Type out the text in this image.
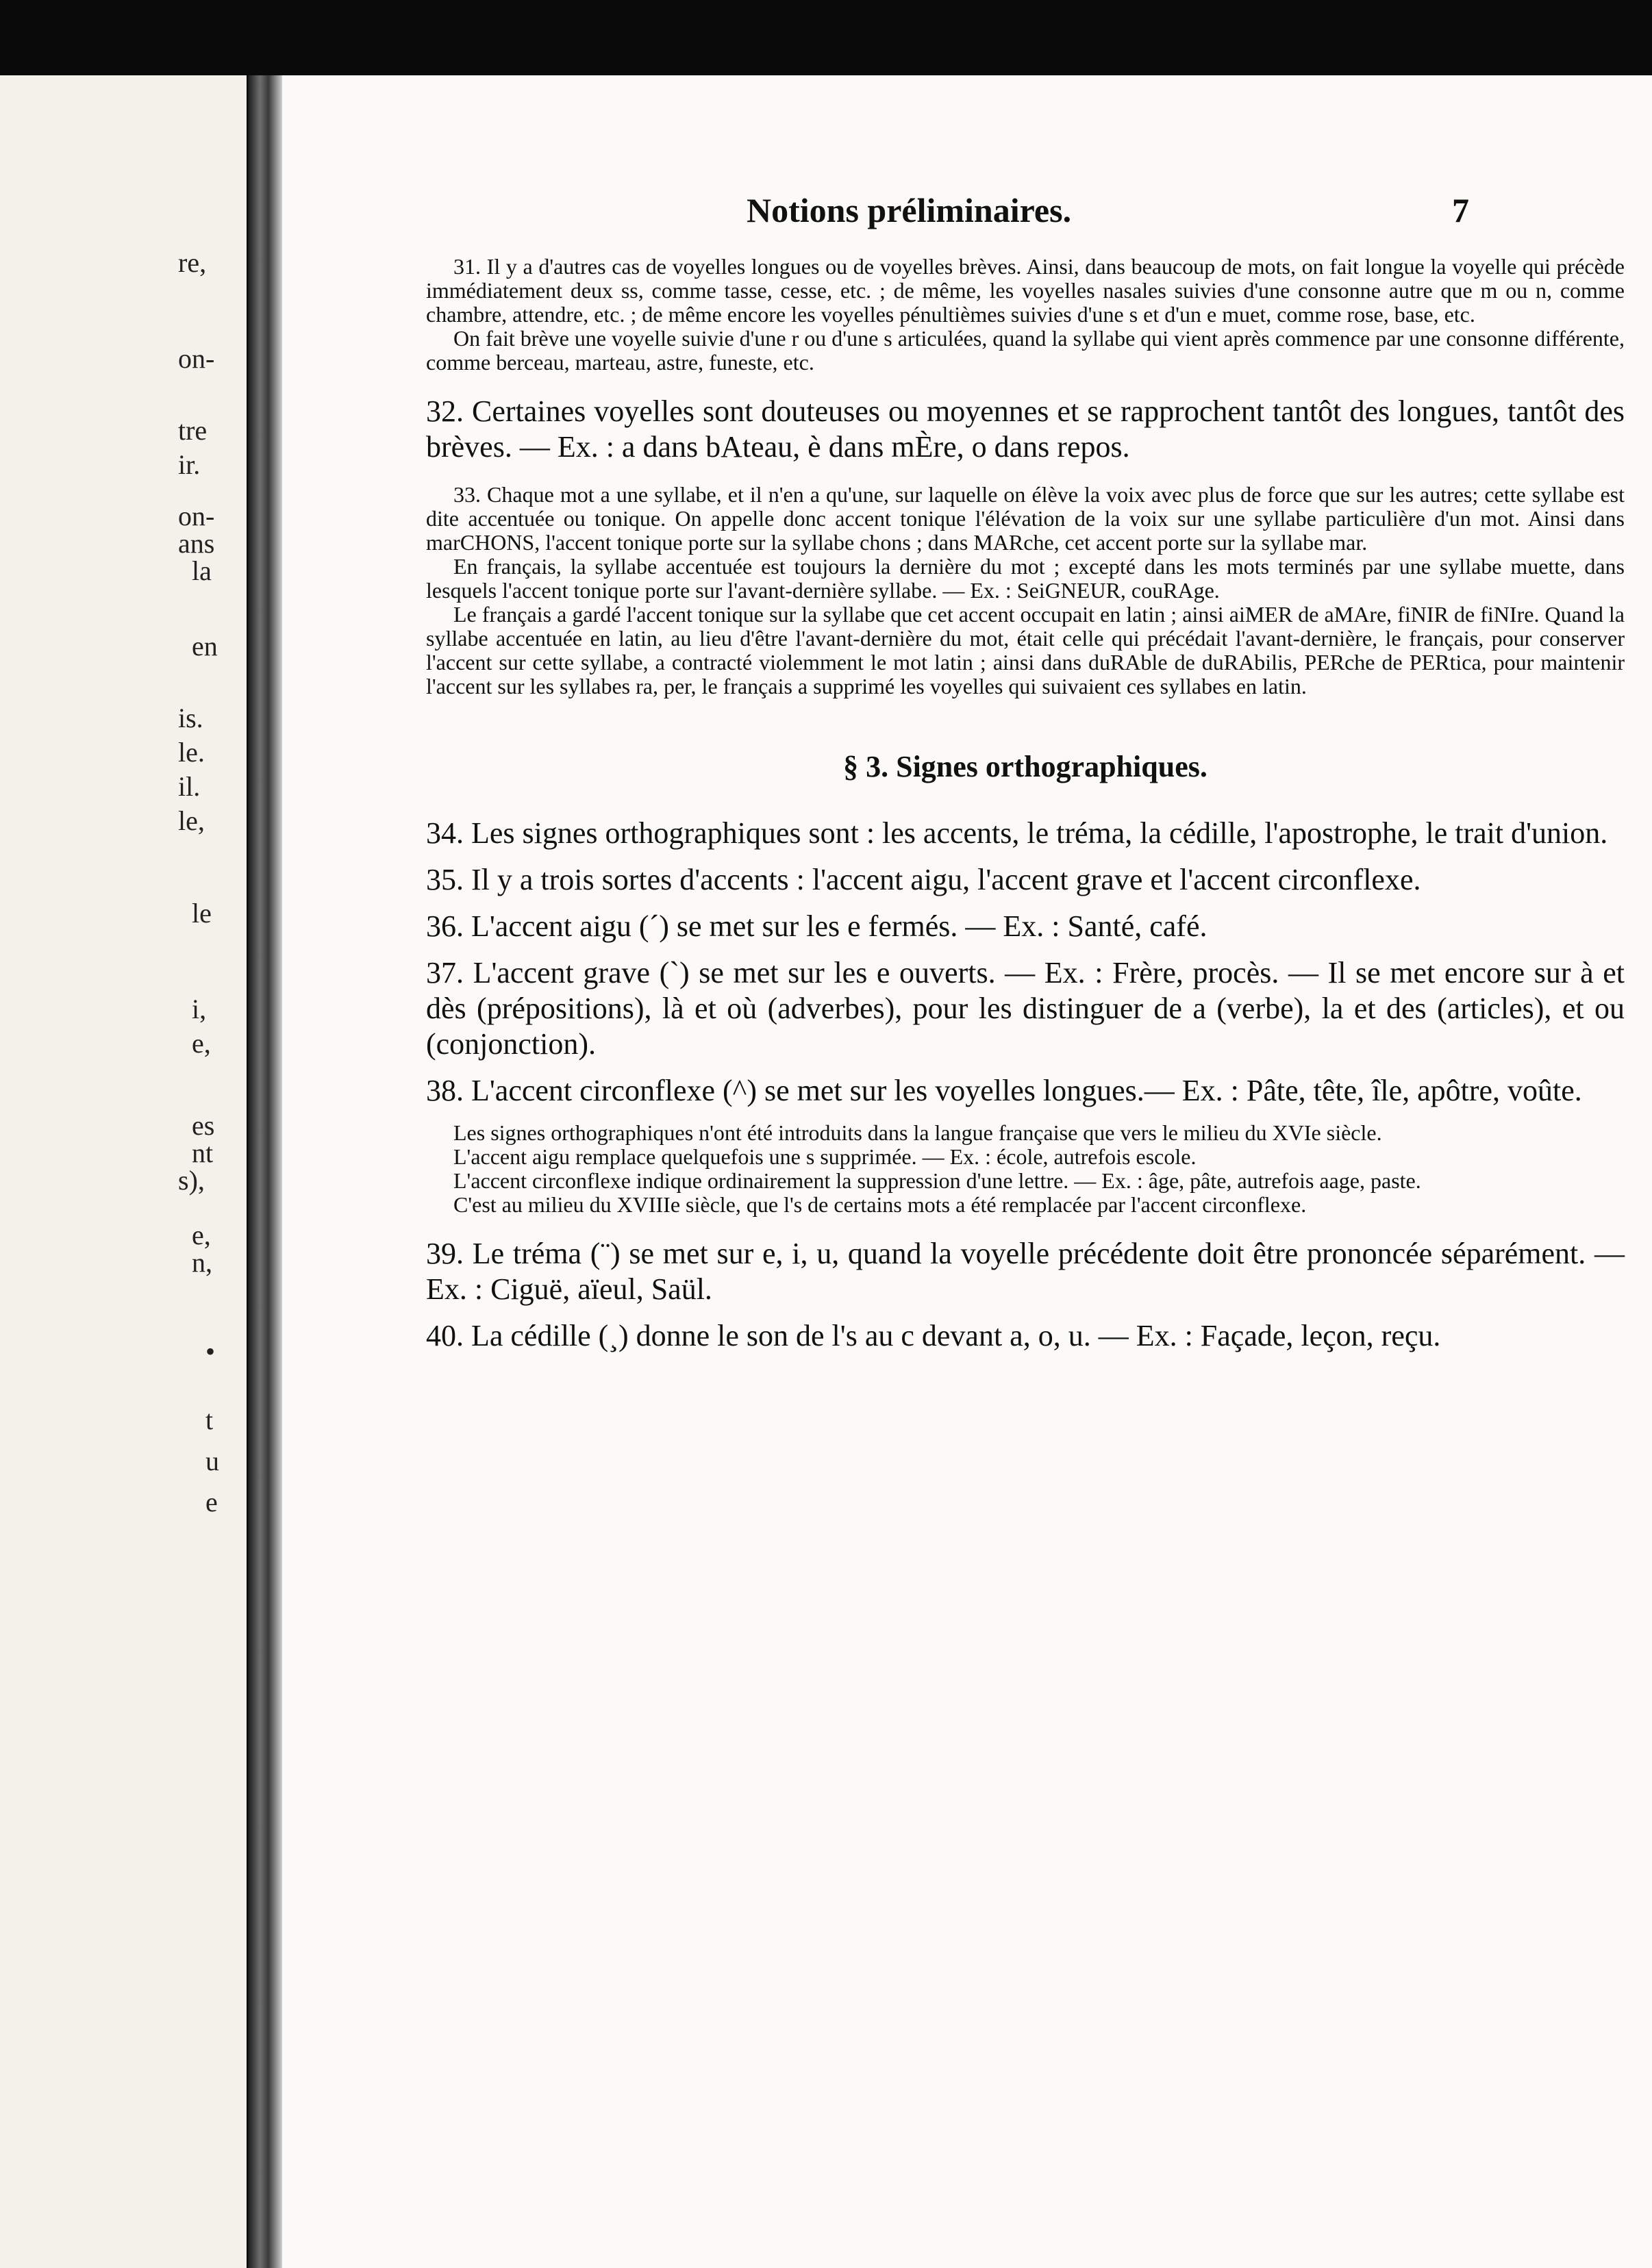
re,
on-
tre
ir.
on-
ans
la
en
is.
le.
il.
le,
le
i,
e,
es
nt
s),
e,
n,
•
t
u
e
Notions préliminaires.	7

31. Il y a d'autres cas de voyelles longues ou de voyelles brèves. Ainsi, dans beaucoup de mots, on fait longue la voyelle qui précède immédiatement deux ss, comme tasse, cesse, etc. ; de même, les voyelles nasales suivies d'une consonne autre que m ou n, comme chambre, attendre, etc. ; de même encore les voyelles pénultièmes suivies d'une s et d'un e muet, comme rose, base, etc.

On fait brève une voyelle suivie d'une r ou d'une s articulées, quand la syllabe qui vient après commence par une consonne différente, comme berceau, marteau, astre, funeste, etc.

32. Certaines voyelles sont douteuses ou moyennes et se rapprochent tantôt des longues, tantôt des brèves. — Ex. : a dans bAteau, è dans mÈre, o dans repos.

33. Chaque mot a une syllabe, et il n'en a qu'une, sur laquelle on élève la voix avec plus de force que sur les autres; cette syllabe est dite accentuée ou tonique. On appelle donc accent tonique l'élévation de la voix sur une syllabe particulière d'un mot. Ainsi dans marCHONS, l'accent tonique porte sur la syllabe chons ; dans MARche, cet accent porte sur la syllabe mar.

En français, la syllabe accentuée est toujours la dernière du mot ; excepté dans les mots terminés par une syllabe muette, dans lesquels l'accent tonique porte sur l'avant-dernière syllabe. — Ex. : SeiGNEUR, couRAge.

Le français a gardé l'accent tonique sur la syllabe que cet accent occupait en latin ; ainsi aiMER de aMAre, fiNIR de fiNIre. Quand la syllabe accentuée en latin, au lieu d'être l'avant-dernière du mot, était celle qui précédait l'avant-dernière, le français, pour conserver l'accent sur cette syllabe, a contracté violemment le mot latin ; ainsi dans duRAble de duRAbilis, PERche de PERtica, pour maintenir l'accent sur les syllabes ra, per, le français a supprimé les voyelles qui suivaient ces syllabes en latin.

§ 3. Signes orthographiques.

34. Les signes orthographiques sont : les accents, le tréma, la cédille, l'apostrophe, le trait d'union.

35. Il y a trois sortes d'accents : l'accent aigu, l'accent grave et l'accent circonflexe.

36. L'accent aigu (´) se met sur les e fermés. — Ex. : Santé, café.

37. L'accent grave (`) se met sur les e ouverts. — Ex. : Frère, procès. — Il se met encore sur à et dès (prépositions), là et où (adverbes), pour les distinguer de a (verbe), la et des (articles), et ou (conjonction).

38. L'accent circonflexe (^) se met sur les voyelles longues.— Ex. : Pâte, tête, île, apôtre, voûte.

Les signes orthographiques n'ont été introduits dans la langue française que vers le milieu du XVIe siècle.

L'accent aigu remplace quelquefois une s supprimée. — Ex. : école, autrefois escole.

L'accent circonflexe indique ordinairement la suppression d'une lettre. — Ex. : âge, pâte, autrefois aage, paste.

C'est au milieu du XVIIIe siècle, que l's de certains mots a été remplacée par l'accent circonflexe.

39. Le tréma (¨) se met sur e, i, u, quand la voyelle précédente doit être prononcée séparément. — Ex. : Ciguë, aïeul, Saül.

40. La cédille (¸) donne le son de l's au c devant a, o, u. — Ex. : Façade, leçon, reçu.
